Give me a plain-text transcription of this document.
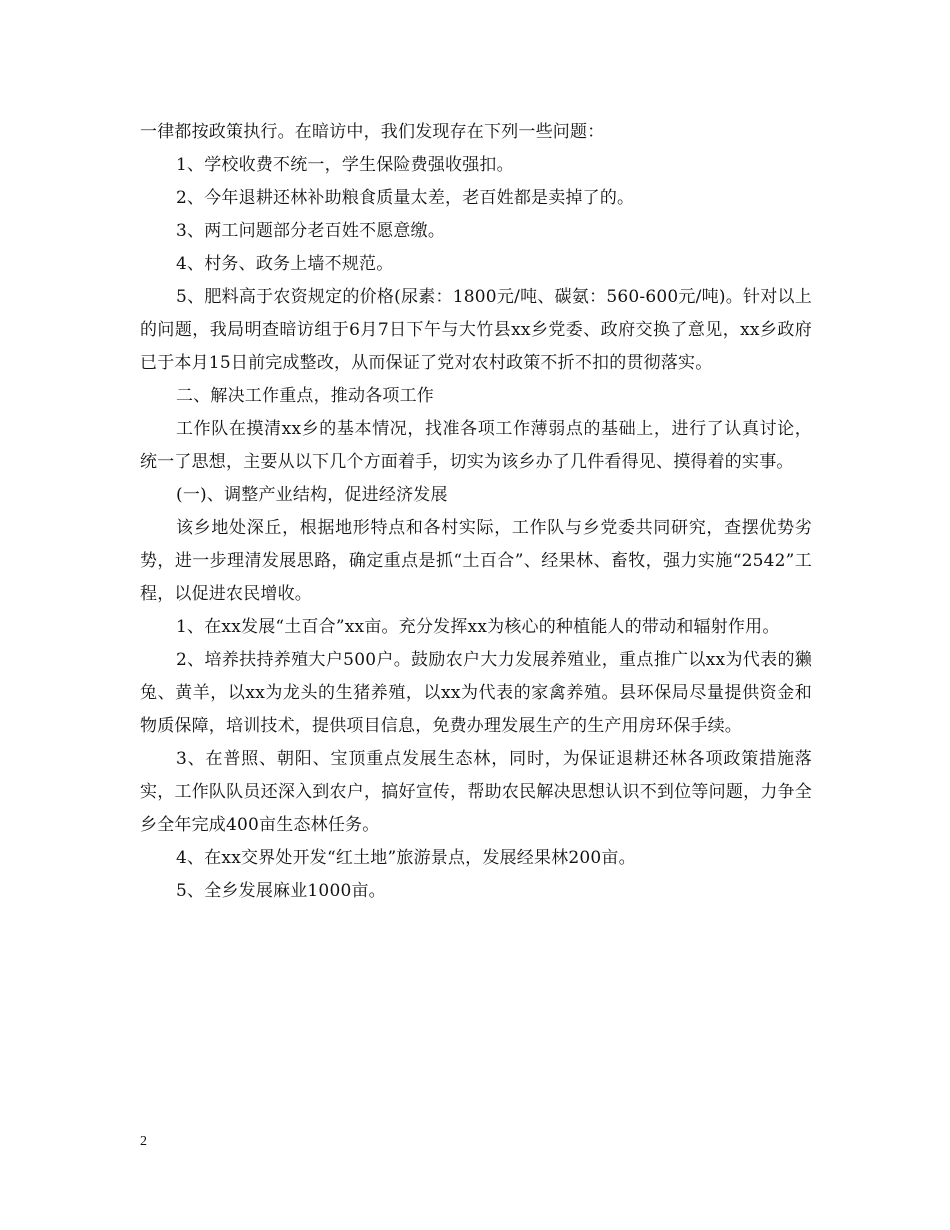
一律都按政策执行。在暗访中，我们发现存在下列一些问题：

1、学校收费不统一，学生保险费强收强扣。

2、今年退耕还林补助粮食质量太差，老百姓都是卖掉了的。

3、两工问题部分老百姓不愿意缴。

4、村务、政务上墙不规范。

5、肥料高于农资规定的价格(尿素：1800元/吨、碳氨：560-600元/吨)。针对以上的问题，我局明查暗访组于6月7日下午与大竹县xx乡党委、政府交换了意见，xx乡政府已于本月15日前完成整改，从而保证了党对农村政策不折不扣的贯彻落实。

二、解决工作重点，推动各项工作

工作队在摸清xx乡的基本情况，找准各项工作薄弱点的基础上，进行了认真讨论，统一了思想，主要从以下几个方面着手，切实为该乡办了几件看得见、摸得着的实事。

(一)、调整产业结构，促进经济发展

该乡地处深丘，根据地形特点和各村实际，工作队与乡党委共同研究，查摆优势劣势，进一步理清发展思路，确定重点是抓“土百合”、经果林、畜牧，强力实施“2542”工程，以促进农民增收。

1、在xx发展“土百合”xx亩。充分发挥xx为核心的种植能人的带动和辐射作用。

2、培养扶持养殖大户500户。鼓励农户大力发展养殖业，重点推广以xx为代表的獭兔、黄羊，以xx为龙头的生猪养殖，以xx为代表的家禽养殖。县环保局尽量提供资金和物质保障，培训技术，提供项目信息，免费办理发展生产的生产用房环保手续。

3、在普照、朝阳、宝顶重点发展生态林，同时，为保证退耕还林各项政策措施落实，工作队队员还深入到农户，搞好宣传，帮助农民解决思想认识不到位等问题，力争全乡全年完成400亩生态林任务。

4、在xx交界处开发“红土地”旅游景点，发展经果林200亩。

5、全乡发展麻业1000亩。

2
